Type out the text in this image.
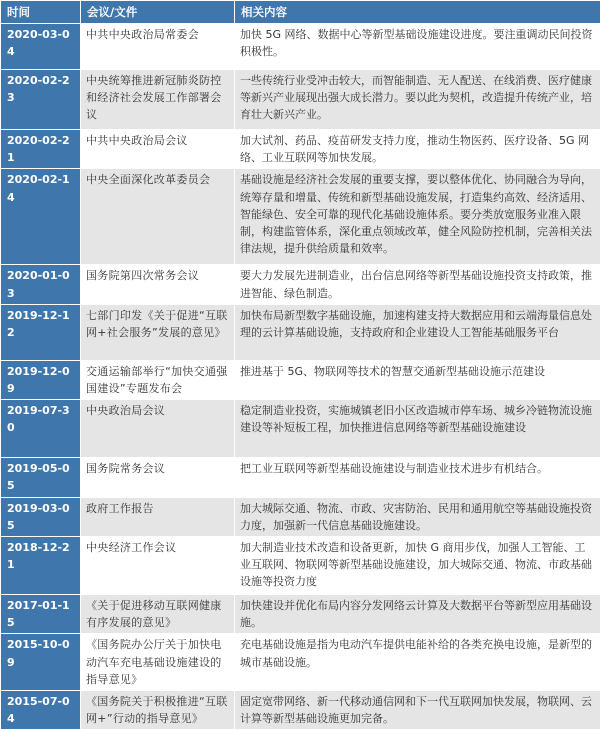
时间	会议/文件	相关内容
2020-03-04	中共中央政治局常委会	加快 5G 网络、数据中心等新型基础设施建设进度。要注重调动民间投资积极性。
2020-02-23	中央统筹推进新冠肺炎防控和经济社会发展工作部署会议	一些传统行业受冲击较大，而智能制造、无人配送、在线消费、医疗健康等新兴产业展现出强大成长潜力。要以此为契机，改造提升传统产业，培育壮大新兴产业。
2020-02-21	中共中央政治局会议	加大试剂、药品、疫苗研发支持力度，推动生物医药、医疗设备、5G 网络、工业互联网等加快发展。
2020-02-14	中央全面深化改革委员会	基础设施是经济社会发展的重要支撑，要以整体优化、协同融合为导向，统筹存量和增量、传统和新型基础设施发展，打造集约高效、经济适用、智能绿色、安全可靠的现代化基础设施体系。要分类放宽服务业准入限制，构建监管体系，深化重点领域改革，健全风险防控机制，完善相关法律法规，提升供给质量和效率。
2020-01-03	国务院第四次常务会议	要大力发展先进制造业，出台信息网络等新型基础设施投资支持政策，推进智能、绿色制造。
2019-12-12	七部门印发《关于促进“互联网+社会服务”发展的意见》	加快布局新型数字基础设施，加速构建支持大数据应用和云端海量信息处理的云计算基础设施，支持政府和企业建设人工智能基础服务平台
2019-12-09	交通运输部举行“加快交通强国建设”专题发布会	推进基于 5G、物联网等技术的智慧交通新型基础设施示范建设
2019-07-30	中央政治局会议	稳定制造业投资，实施城镇老旧小区改造城市停车场、城乡冷链物流设施建设等补短板工程，加快推进信息网络等新型基础设施建设
2019-05-05	国务院常务会议	把工业互联网等新型基础设施建设与制造业技术进步有机结合。
2019-03-05	政府工作报告	加大城际交通、物流、市政、灾害防治、民用和通用航空等基础设施投资力度，加强新一代信息基础设施建设。
2018-12-21	中央经济工作会议	加大制造业技术改造和设备更新，加快 G 商用步伐，加强人工智能、工业互联网、物联网等新型基础设施建设，加大城际交通、物流、市政基础设施等投资力度
2017-01-15	《关于促进移动互联网健康有序发展的意见》	加快建设并优化布局内容分发网络云计算及大数据平台等新型应用基础设施。
2015-10-09	《国务院办公厅关于加快电动汽车充电基础设施建设的指导意见》	充电基础设施是指为电动汽车提供电能补给的各类充换电设施，是新型的城市基础设施。
2015-07-04	《国务院关于积极推进“互联网+”行动的指导意见》	固定宽带网络、新一代移动通信网和下一代互联网加快发展，物联网、云计算等新型基础设施更加完备。
